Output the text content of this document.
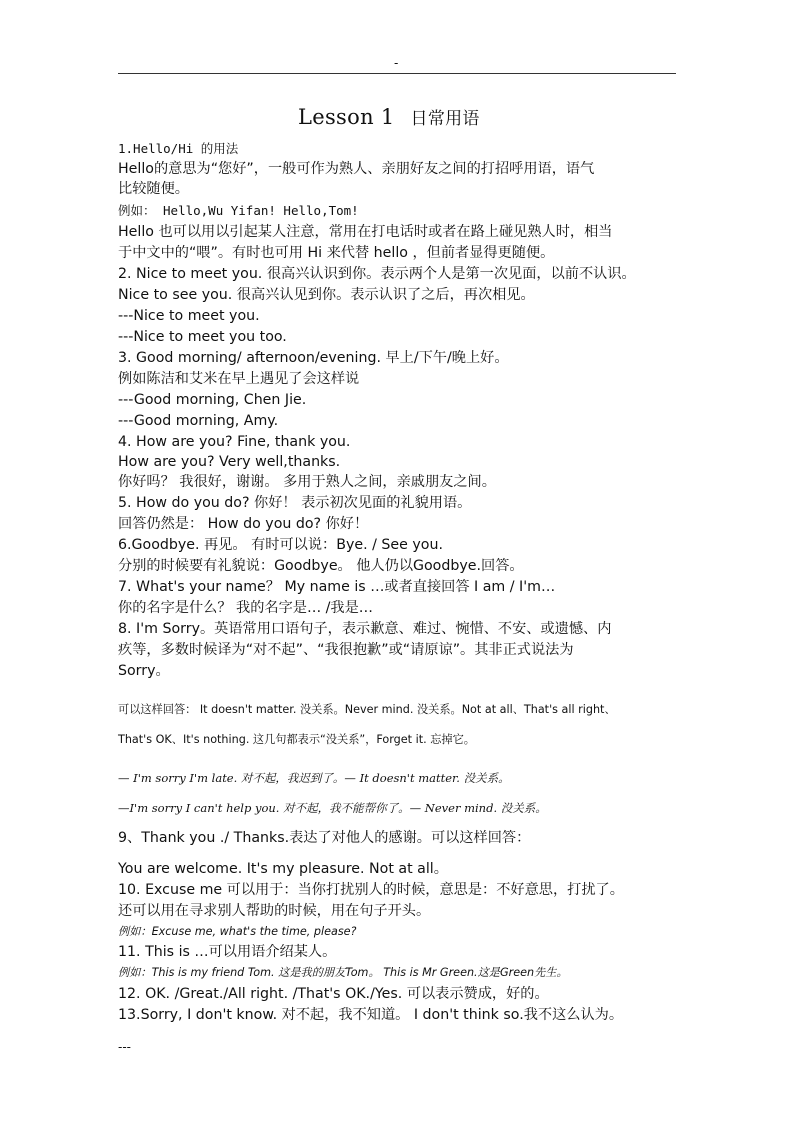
-
Lesson 1 日常用语
1.Hello/Hi 的用法
Hello的意思为“您好”，一般可作为熟人、亲朋好友之间的打招呼用语，语气
比较随便。
例如： Hello,Wu Yifan! Hello,Tom!
Hello 也可以用以引起某人注意，常用在打电话时或者在路上碰见熟人时，相当
于中文中的“喂”。有时也可用 Hi 来代替 hello ，但前者显得更随便。
2. Nice to meet you. 很高兴认识到你。表示两个人是第一次见面，以前不认识。
Nice to see you. 很高兴认见到你。表示认识了之后，再次相见。
---Nice to meet you.
---Nice to meet you too.
3. Good morning/ afternoon/evening. 早上/下午/晚上好。
例如陈洁和艾米在早上遇见了会这样说
---Good morning, Chen Jie.
---Good morning, Amy.
4. How are you? Fine, thank you.
How are you? Very well,thanks.
你好吗？ 我很好，谢谢。 多用于熟人之间，亲戚朋友之间。
5. How do you do? 你好！ 表示初次见面的礼貌用语。
回答仍然是： How do you do? 你好！
6.Goodbye. 再见。 有时可以说：Bye. / See you.
分别的时候要有礼貌说：Goodbye。 他人仍以Goodbye.回答。
7. What's your name？ My name is …或者直接回答 I am / I'm…
你的名字是什么？ 我的名字是… /我是…
8. I'm Sorry。英语常用口语句子，表示歉意、难过、惋惜、不安、或遗憾、内
疚等，多数时候译为“对不起”、“我很抱歉”或“请原谅”。其非正式说法为
Sorry。
可以这样回答： It doesn't matter. 没关系。Never mind. 没关系。Not at all、That's all right、
That's OK、It's nothing. 这几句都表示“没关系”，Forget it. 忘掉它。
— I'm sorry I'm late. 对不起，我迟到了。— It doesn't matter. 没关系。
—I'm sorry I can't help you. 对不起，我不能帮你了。— Never mind. 没关系。
9、Thank you ./ Thanks.表达了对他人的感谢。可以这样回答：
You are welcome. It's my pleasure. Not at all。
10. Excuse me 可以用于：当你打扰别人的时候，意思是：不好意思，打扰了。
还可以用在寻求别人帮助的时候，用在句子开头。
例如：Excuse me, what's the time, please?
11. This is …可以用语介绍某人。
例如：This is my friend Tom. 这是我的朋友Tom。 This is Mr Green.这是Green先生。
12. OK. /Great./All right. /That's OK./Yes. 可以表示赞成，好的。
13.Sorry, I don't know. 对不起，我不知道。 I don't think so.我不这么认为。
---
